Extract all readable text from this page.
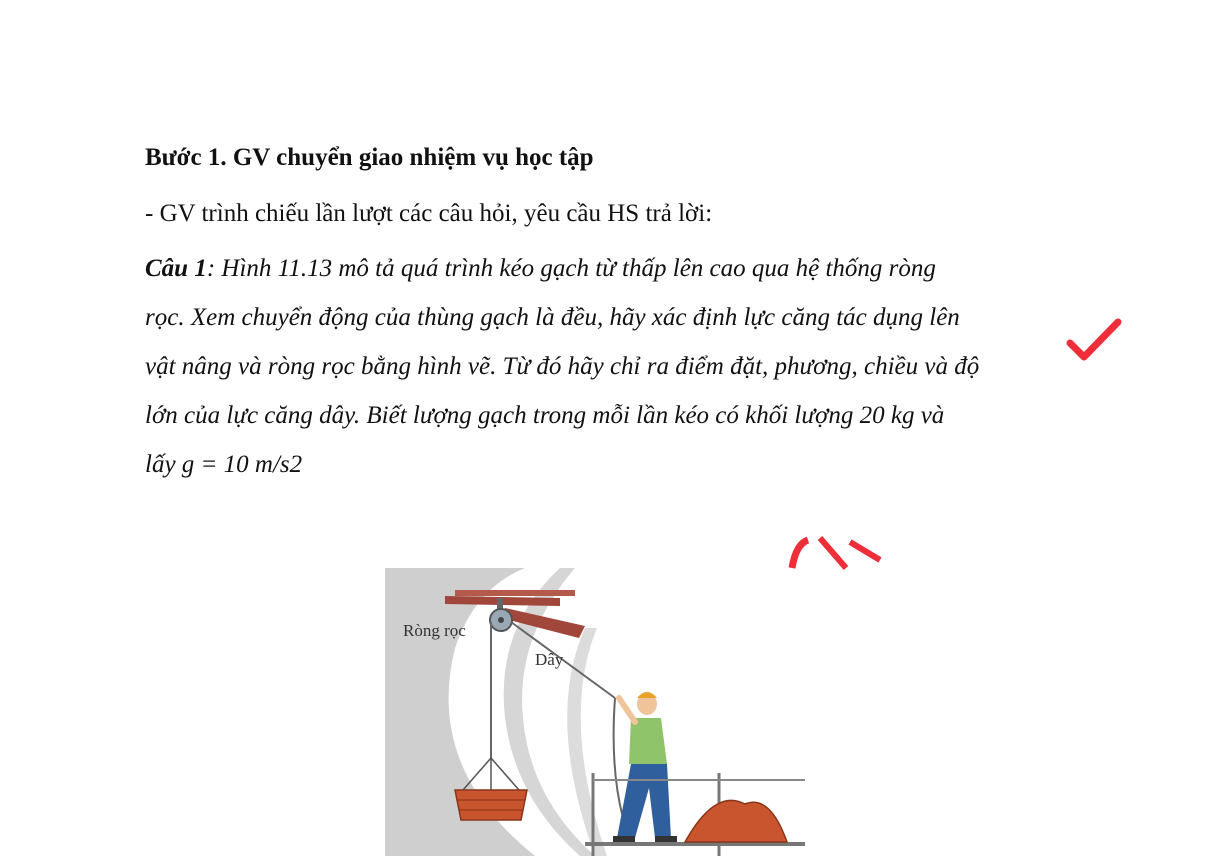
Bước 1. GV chuyển giao nhiệm vụ học tập
- GV trình chiếu lần lượt các câu hỏi, yêu cầu HS trả lời:
Câu 1: Hình 11.13 mô tả quá trình kéo gạch từ thấp lên cao qua hệ thống ròng
rọc. Xem chuyển động của thùng gạch là đều, hãy xác định lực căng tác dụng lên
vật nâng và ròng rọc bằng hình vẽ. Từ đó hãy chỉ ra điểm đặt, phương, chiều và độ
lớn của lực căng dây. Biết lượng gạch trong mỗi lần kéo có khối lượng 20 kg và
lấy g = 10 m/s2
Ròng rọc
Dây
